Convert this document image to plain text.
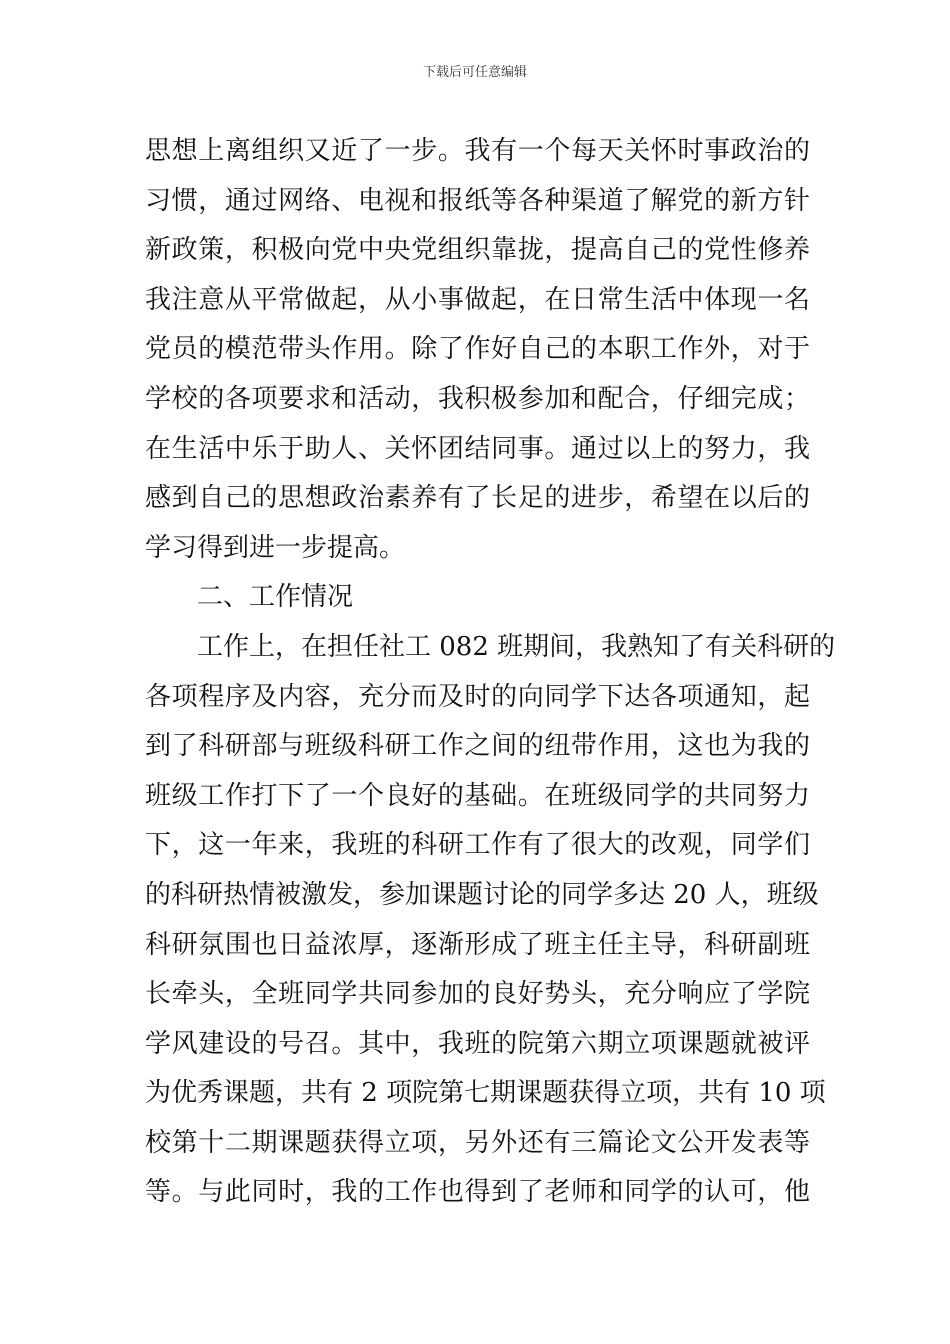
下载后可任意编辑
思想上离组织又近了一步。我有一个每天关怀时事政治的
习惯，通过网络、电视和报纸等各种渠道了解党的新方针
新政策，积极向党中央党组织靠拢，提高自己的党性修养
我注意从平常做起，从小事做起，在日常生活中体现一名
党员的模范带头作用。除了作好自己的本职工作外，对于
学校的各项要求和活动，我积极参加和配合，仔细完成；
在生活中乐于助人、关怀团结同事。通过以上的努力，我
感到自己的思想政治素养有了长足的进步，希望在以后的
学习得到进一步提高。
二、工作情况
工作上，在担任社工 082 班期间，我熟知了有关科研的
各项程序及内容，充分而及时的向同学下达各项通知，起
到了科研部与班级科研工作之间的纽带作用，这也为我的
班级工作打下了一个良好的基础。在班级同学的共同努力
下，这一年来，我班的科研工作有了很大的改观，同学们
的科研热情被激发，参加课题讨论的同学多达 20 人，班级
科研氛围也日益浓厚，逐渐形成了班主任主导，科研副班
长牵头，全班同学共同参加的良好势头，充分响应了学院
学风建设的号召。其中，我班的院第六期立项课题就被评
为优秀课题，共有 2 项院第七期课题获得立项，共有 10 项
校第十二期课题获得立项，另外还有三篇论文公开发表等
等。与此同时，我的工作也得到了老师和同学的认可，他
